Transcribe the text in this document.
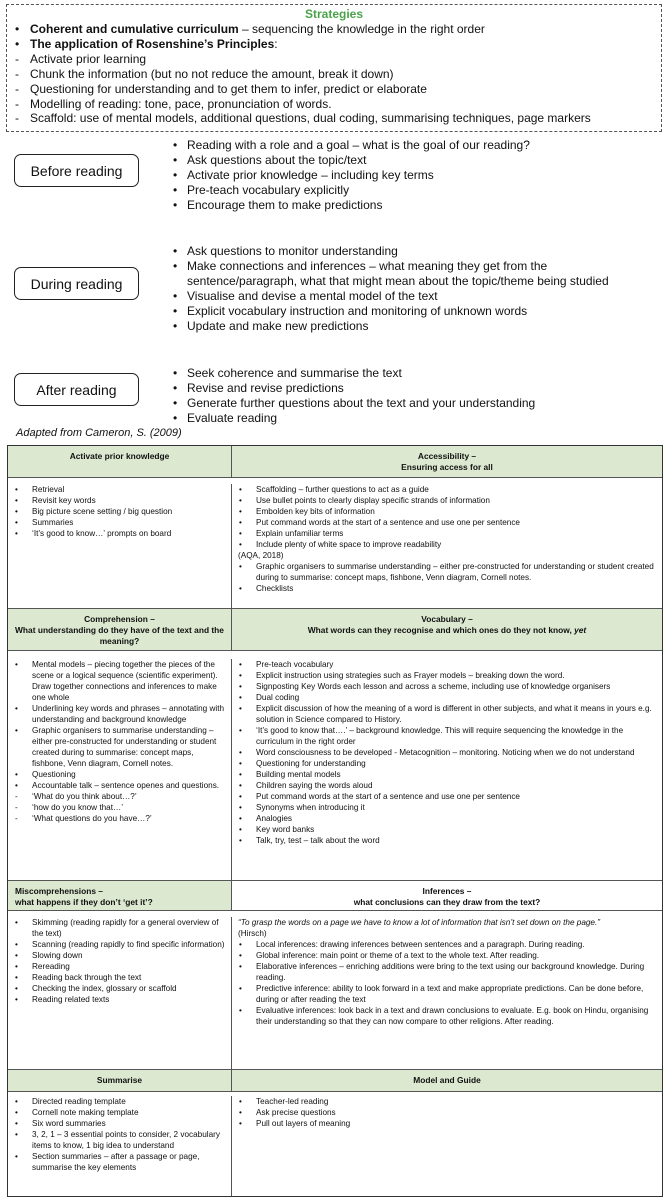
Strategies
• Coherent and cumulative curriculum – sequencing the knowledge in the right order
• The application of Rosenshine’s Principles:
- Activate prior learning
- Chunk the information (but no not reduce the amount, break it down)
- Questioning for understanding and to get them to infer, predict or elaborate
- Modelling of reading: tone, pace, pronunciation of words.
- Scaffold: use of mental models, additional questions, dual coding, summarising techniques, page markers
Before reading
• Reading with a role and a goal – what is the goal of our reading?
• Ask questions about the topic/text
• Activate prior knowledge – including key terms
• Pre-teach vocabulary explicitly
• Encourage them to make predictions
During reading
• Ask questions to monitor understanding
• Make connections and inferences – what meaning they get from the sentence/paragraph, what that might mean about the topic/theme being studied
• Visualise and devise a mental model of the text
• Explicit vocabulary instruction and monitoring of unknown words
• Update and make new predictions
After reading
• Seek coherence and summarise the text
• Revise and revise predictions
• Generate further questions about the text and your understanding
• Evaluate reading
Adapted from Cameron, S. (2009)
Activate prior knowledge	Accessibility –
Ensuring access for all
• Retrieval
• Revisit key words
• Big picture scene setting / big question
• Summaries
• ‘It’s good to know…’ prompts on board
• Scaffolding – further questions to act as a guide
• Use bullet points to clearly display specific strands of information
• Embolden key bits of information
• Put command words at the start of a sentence and use one per sentence
• Explain unfamiliar terms
• Include plenty of white space to improve readability

(AQA, 2018)

• Graphic organisers to summarise understanding – either pre-constructed for understanding or student created during to summarise: concept maps, fishbone, Venn diagram, Cornell notes.
• Checklists
Comprehension –
What understanding do they have of the text and the meaning?
Vocabulary –
What words can they recognise and which ones do they not know, yet
• Mental models – piecing together the pieces of the scene or a logical sequence (scientific experiment). Draw together connections and inferences to make one whole
• Underlining key words and phrases – annotating with understanding and background knowledge
• Graphic organisers to summarise understanding – either pre-constructed for understanding or student created during to summarise: concept maps, fishbone, Venn diagram, Cornell notes.
• Questioning
• Accountable talk – sentence openes and questions.
- ‘What do you think about…?’
- ‘how do you know that…’
- ‘What questions do you have…?’
• Pre-teach vocabulary
• Explicit instruction using strategies such as Frayer models – breaking down the word.
• Signposting Key Words each lesson and across a scheme, including use of knowledge organisers
• Dual coding
• Explicit discussion of how the meaning of a word is different in other subjects, and what it means in yours e.g. solution in Science compared to History.
• ‘It’s good to know that….’ – background knowledge. This will require sequencing the knowledge in the curriculum in the right order
• Word consciousness to be developed - Metacognition – monitoring. Noticing when we do not understand
• Questioning for understanding
• Building mental models
• Children saying the words aloud
• Put command words at the start of a sentence and use one per sentence
• Synonyms when introducing it
• Analogies
• Key word banks
• Talk, try, test – talk about the word
Miscomprehensions –
what happens if they don’t ‘get it’?
Inferences –
what conclusions can they draw from the text?
• Skimming (reading rapidly for a general overview of the text)
• Scanning (reading rapidly to find specific information)
• Slowing down
• Rereading
• Reading back through the text
• Checking the index, glossary or scaffold
• Reading related texts

“To grasp the words on a page we have to know a lot of information that isn’t set down on the page.”

(Hirsch)

• Local inferences: drawing inferences between sentences and a paragraph. During reading.
• Global inference: main point or theme of a text to the whole text. After reading.
• Elaborative inferences – enriching additions were bring to the text using our background knowledge. During reading.
• Predictive inference: ability to look forward in a text and make appropriate predictions. Can be done before, during or after reading the text
• Evaluative inferences: look back in a text and drawn conclusions to evaluate. E.g. book on Hindu, organising their understanding so that they can now compare to other religions. After reading.
Summarise	Model and Guide
• Directed reading template
• Cornell note making template
• Six word summaries
• 3, 2, 1 – 3 essential points to consider, 2 vocabulary items to know, 1 big idea to understand
• Section summaries – after a passage or page, summarise the key elements
• Teacher-led reading
• Ask precise questions
• Pull out layers of meaning
